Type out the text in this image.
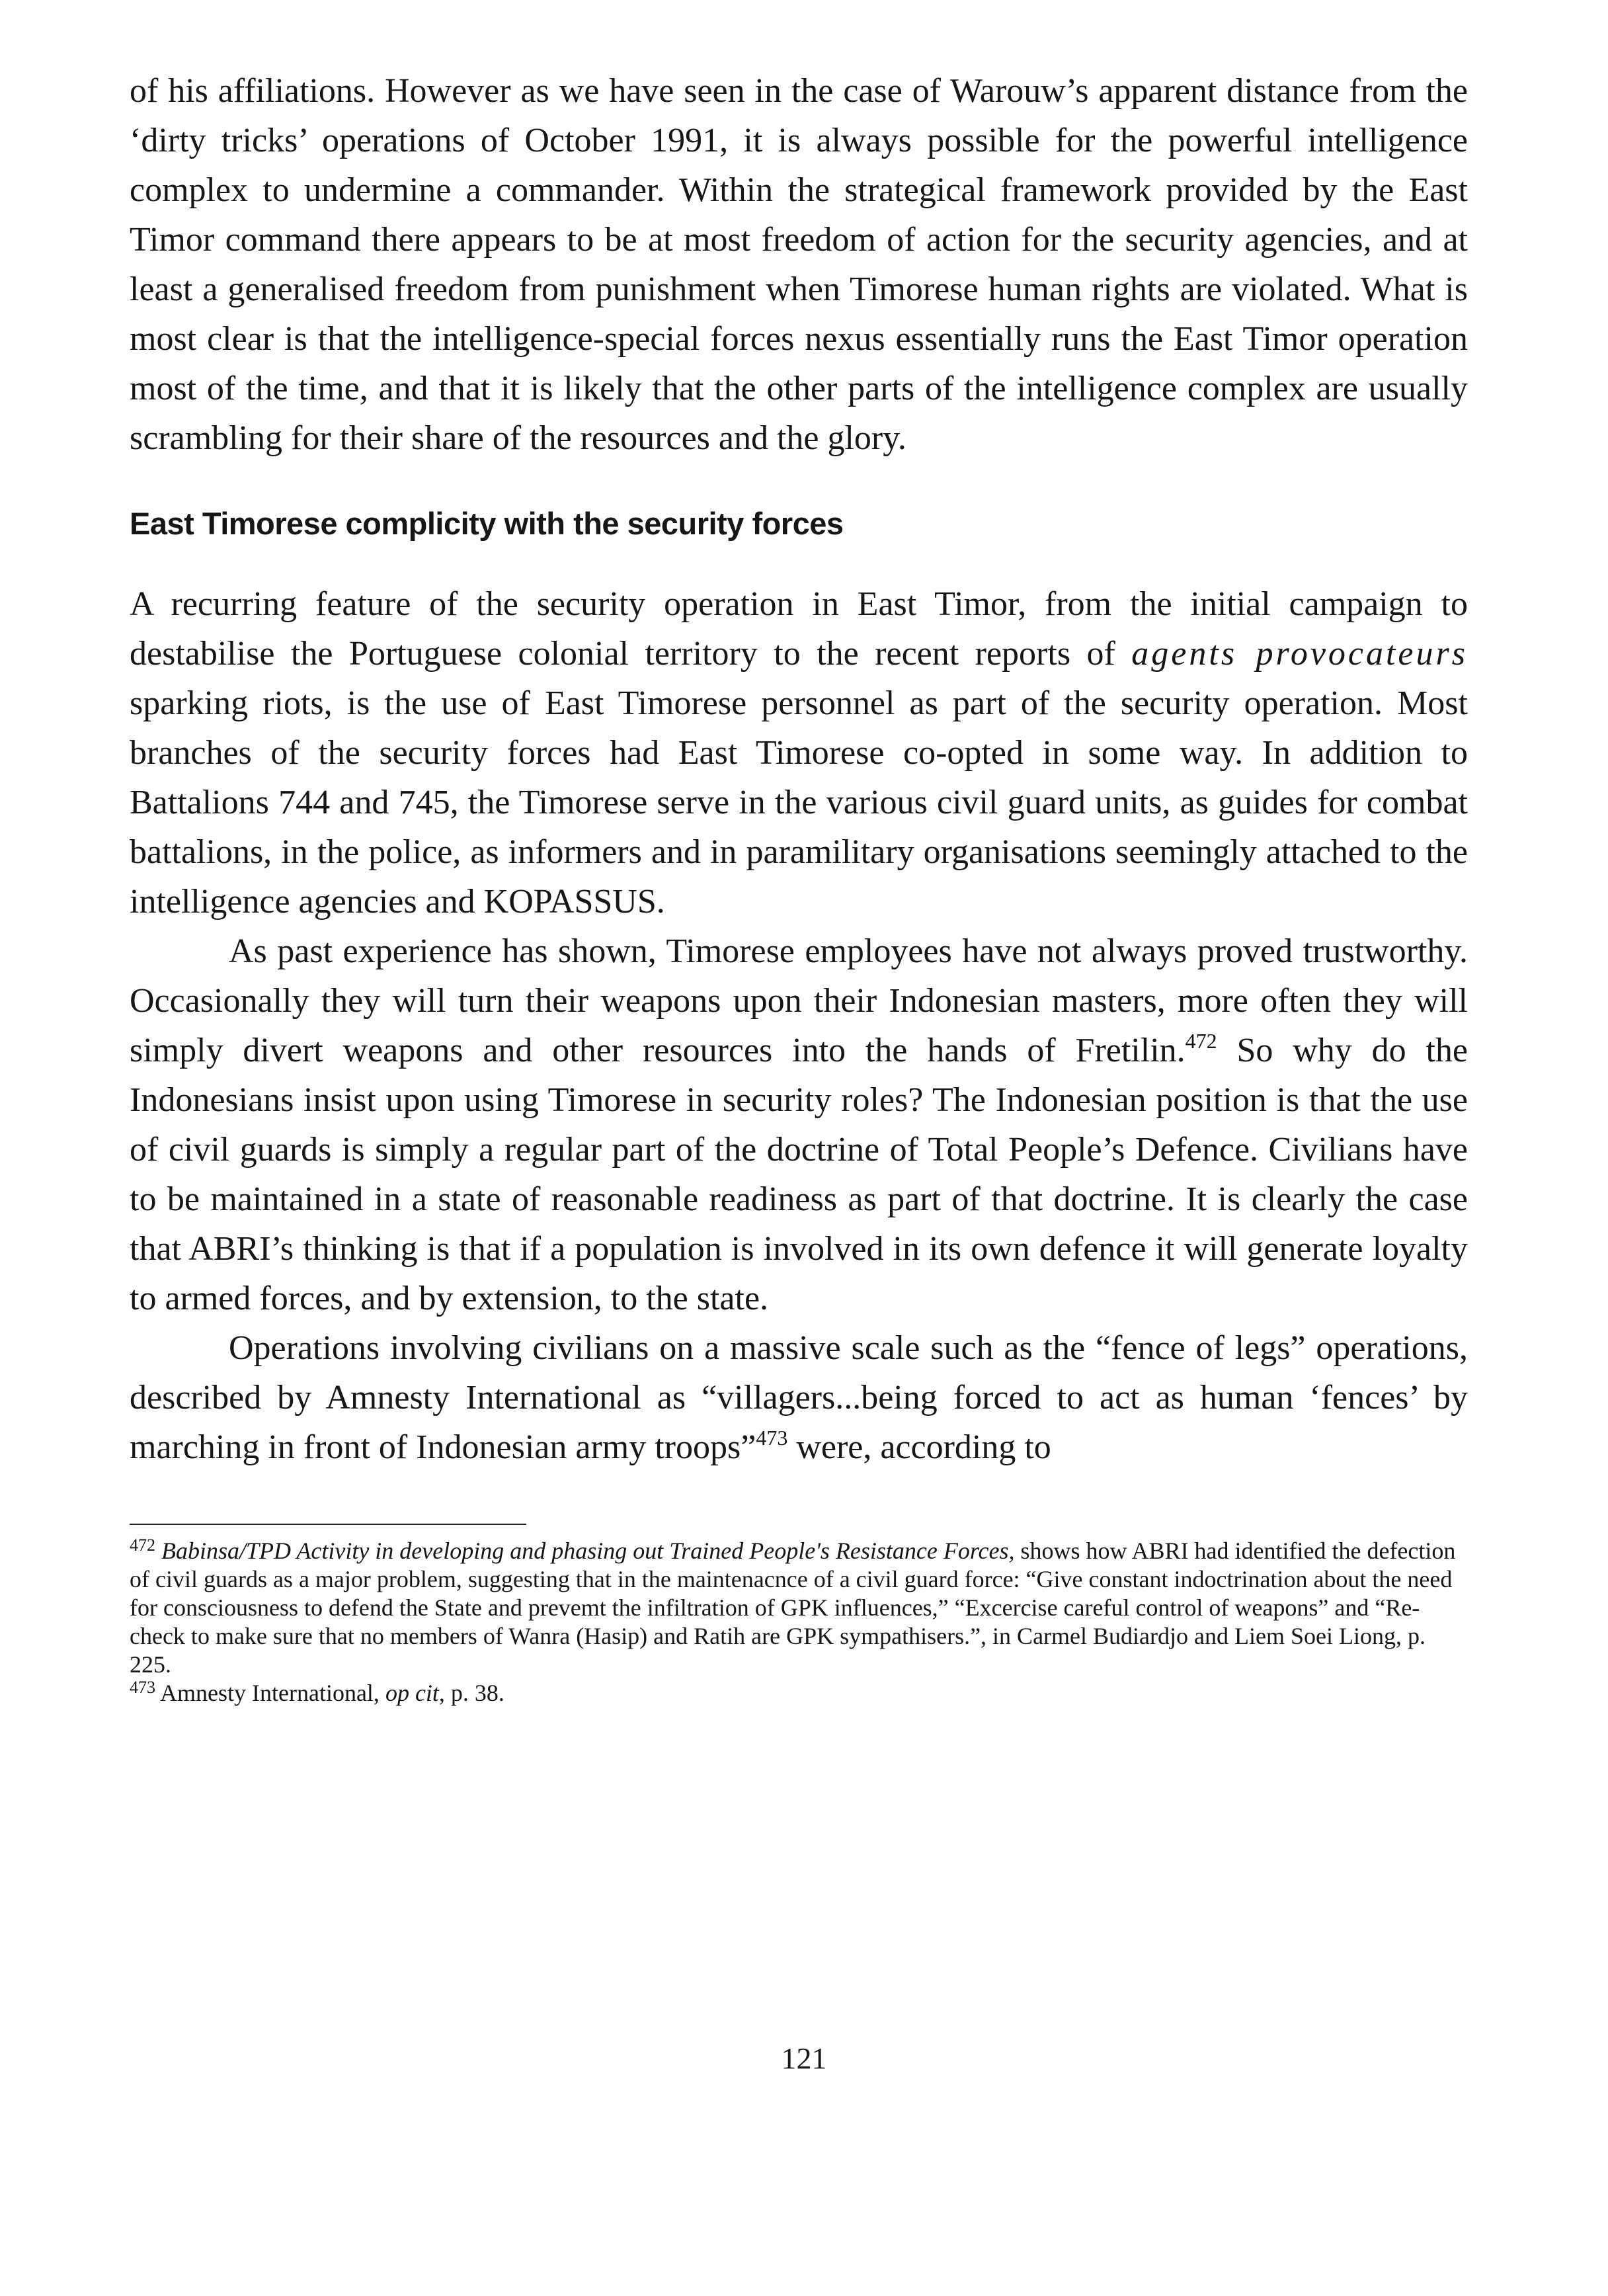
of his affiliations. However as we have seen in the case of Warouw’s apparent distance from the ‘dirty tricks’ operations of October 1991, it is always possible for the powerful intelligence complex to undermine a commander. Within the strategical framework provided by the East Timor command there appears to be at most freedom of action for the security agencies, and at least a generalised freedom from punishment when Timorese human rights are violated. What is most clear is that the intelligence-special forces nexus essentially runs the East Timor operation most of the time, and that it is likely that the other parts of the intelligence complex are usually scrambling for their share of the resources and the glory.

East Timorese complicity with the security forces

A recurring feature of the security operation in East Timor, from the initial campaign to destabilise the Portuguese colonial territory to the recent reports of agents provocateurs sparking riots, is the use of East Timorese personnel as part of the security operation. Most branches of the security forces had East Timorese co-opted in some way. In addition to Battalions 744 and 745, the Timorese serve in the various civil guard units, as guides for combat battalions, in the police, as informers and in paramilitary organisations seemingly attached to the intelligence agencies and KOPASSUS.

As past experience has shown, Timorese employees have not always proved trustworthy. Occasionally they will turn their weapons upon their Indonesian masters, more often they will simply divert weapons and other resources into the hands of Fretilin.$^{472}$ So why do the Indonesians insist upon using Timorese in security roles? The Indonesian position is that the use of civil guards is simply a regular part of the doctrine of Total People’s Defence. Civilians have to be maintained in a state of reasonable readiness as part of that doctrine. It is clearly the case that ABRI’s thinking is that if a population is involved in its own defence it will generate loyalty to armed forces, and by extension, to the state.

Operations involving civilians on a massive scale such as the “fence of legs” operations, described by Amnesty International as “villagers...being forced to act as human ‘fences’ by marching in front of Indonesian army troops”$^{473}$ were, according to

$^{472}$ Babinsa/TPD Activity in developing and phasing out Trained People's Resistance Forces, shows how ABRI had identified the defection of civil guards as a major problem, suggesting that in the maintenacnce of a civil guard force: “Give constant indoctrination about the need for consciousness to defend the State and prevemt the infiltration of GPK influences,” “Excercise careful control of weapons” and “Re-check to make sure that no members of Wanra (Hasip) and Ratih are GPK sympathisers.”, in Carmel Budiardjo and Liem Soei Liong, p. 225.

$^{473}$ Amnesty International, op cit, p. 38.

121
